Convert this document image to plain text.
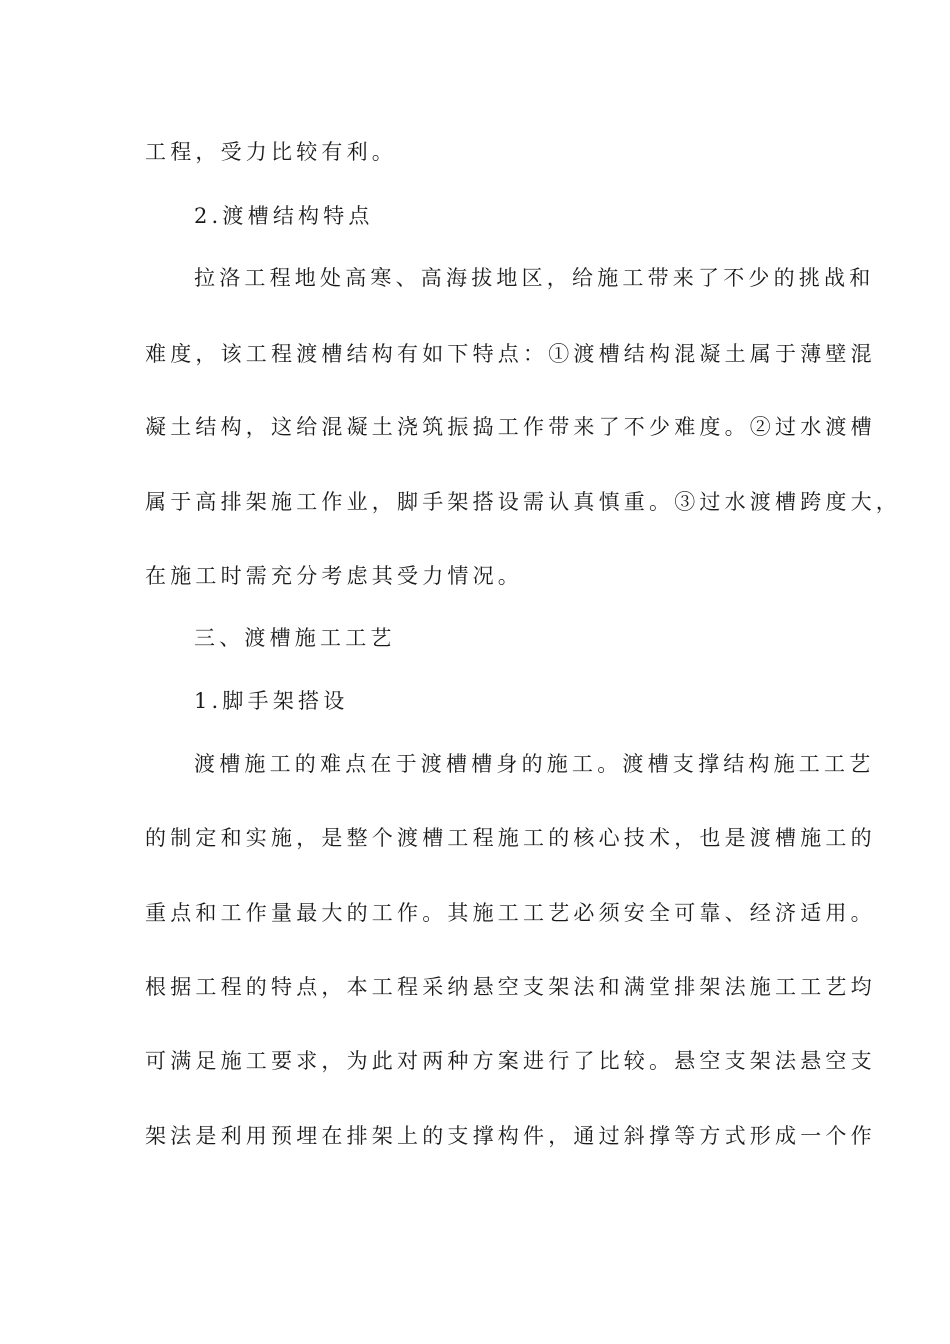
工程，受力比较有利。
2.渡槽结构特点
拉洛工程地处高寒、高海拔地区，给施工带来了不少的挑战和
难度，该工程渡槽结构有如下特点：①渡槽结构混凝土属于薄壁混
凝土结构，这给混凝土浇筑振捣工作带来了不少难度。②过水渡槽
属于高排架施工作业，脚手架搭设需认真慎重。③过水渡槽跨度大，
在施工时需充分考虑其受力情况。
三、渡槽施工工艺
1.脚手架搭设
渡槽施工的难点在于渡槽槽身的施工。渡槽支撑结构施工工艺
的制定和实施，是整个渡槽工程施工的核心技术，也是渡槽施工的
重点和工作量最大的工作。其施工工艺必须安全可靠、经济适用。
根据工程的特点，本工程采纳悬空支架法和满堂排架法施工工艺均
可满足施工要求，为此对两种方案进行了比较。悬空支架法悬空支
架法是利用预埋在排架上的支撑构件，通过斜撑等方式形成一个作
